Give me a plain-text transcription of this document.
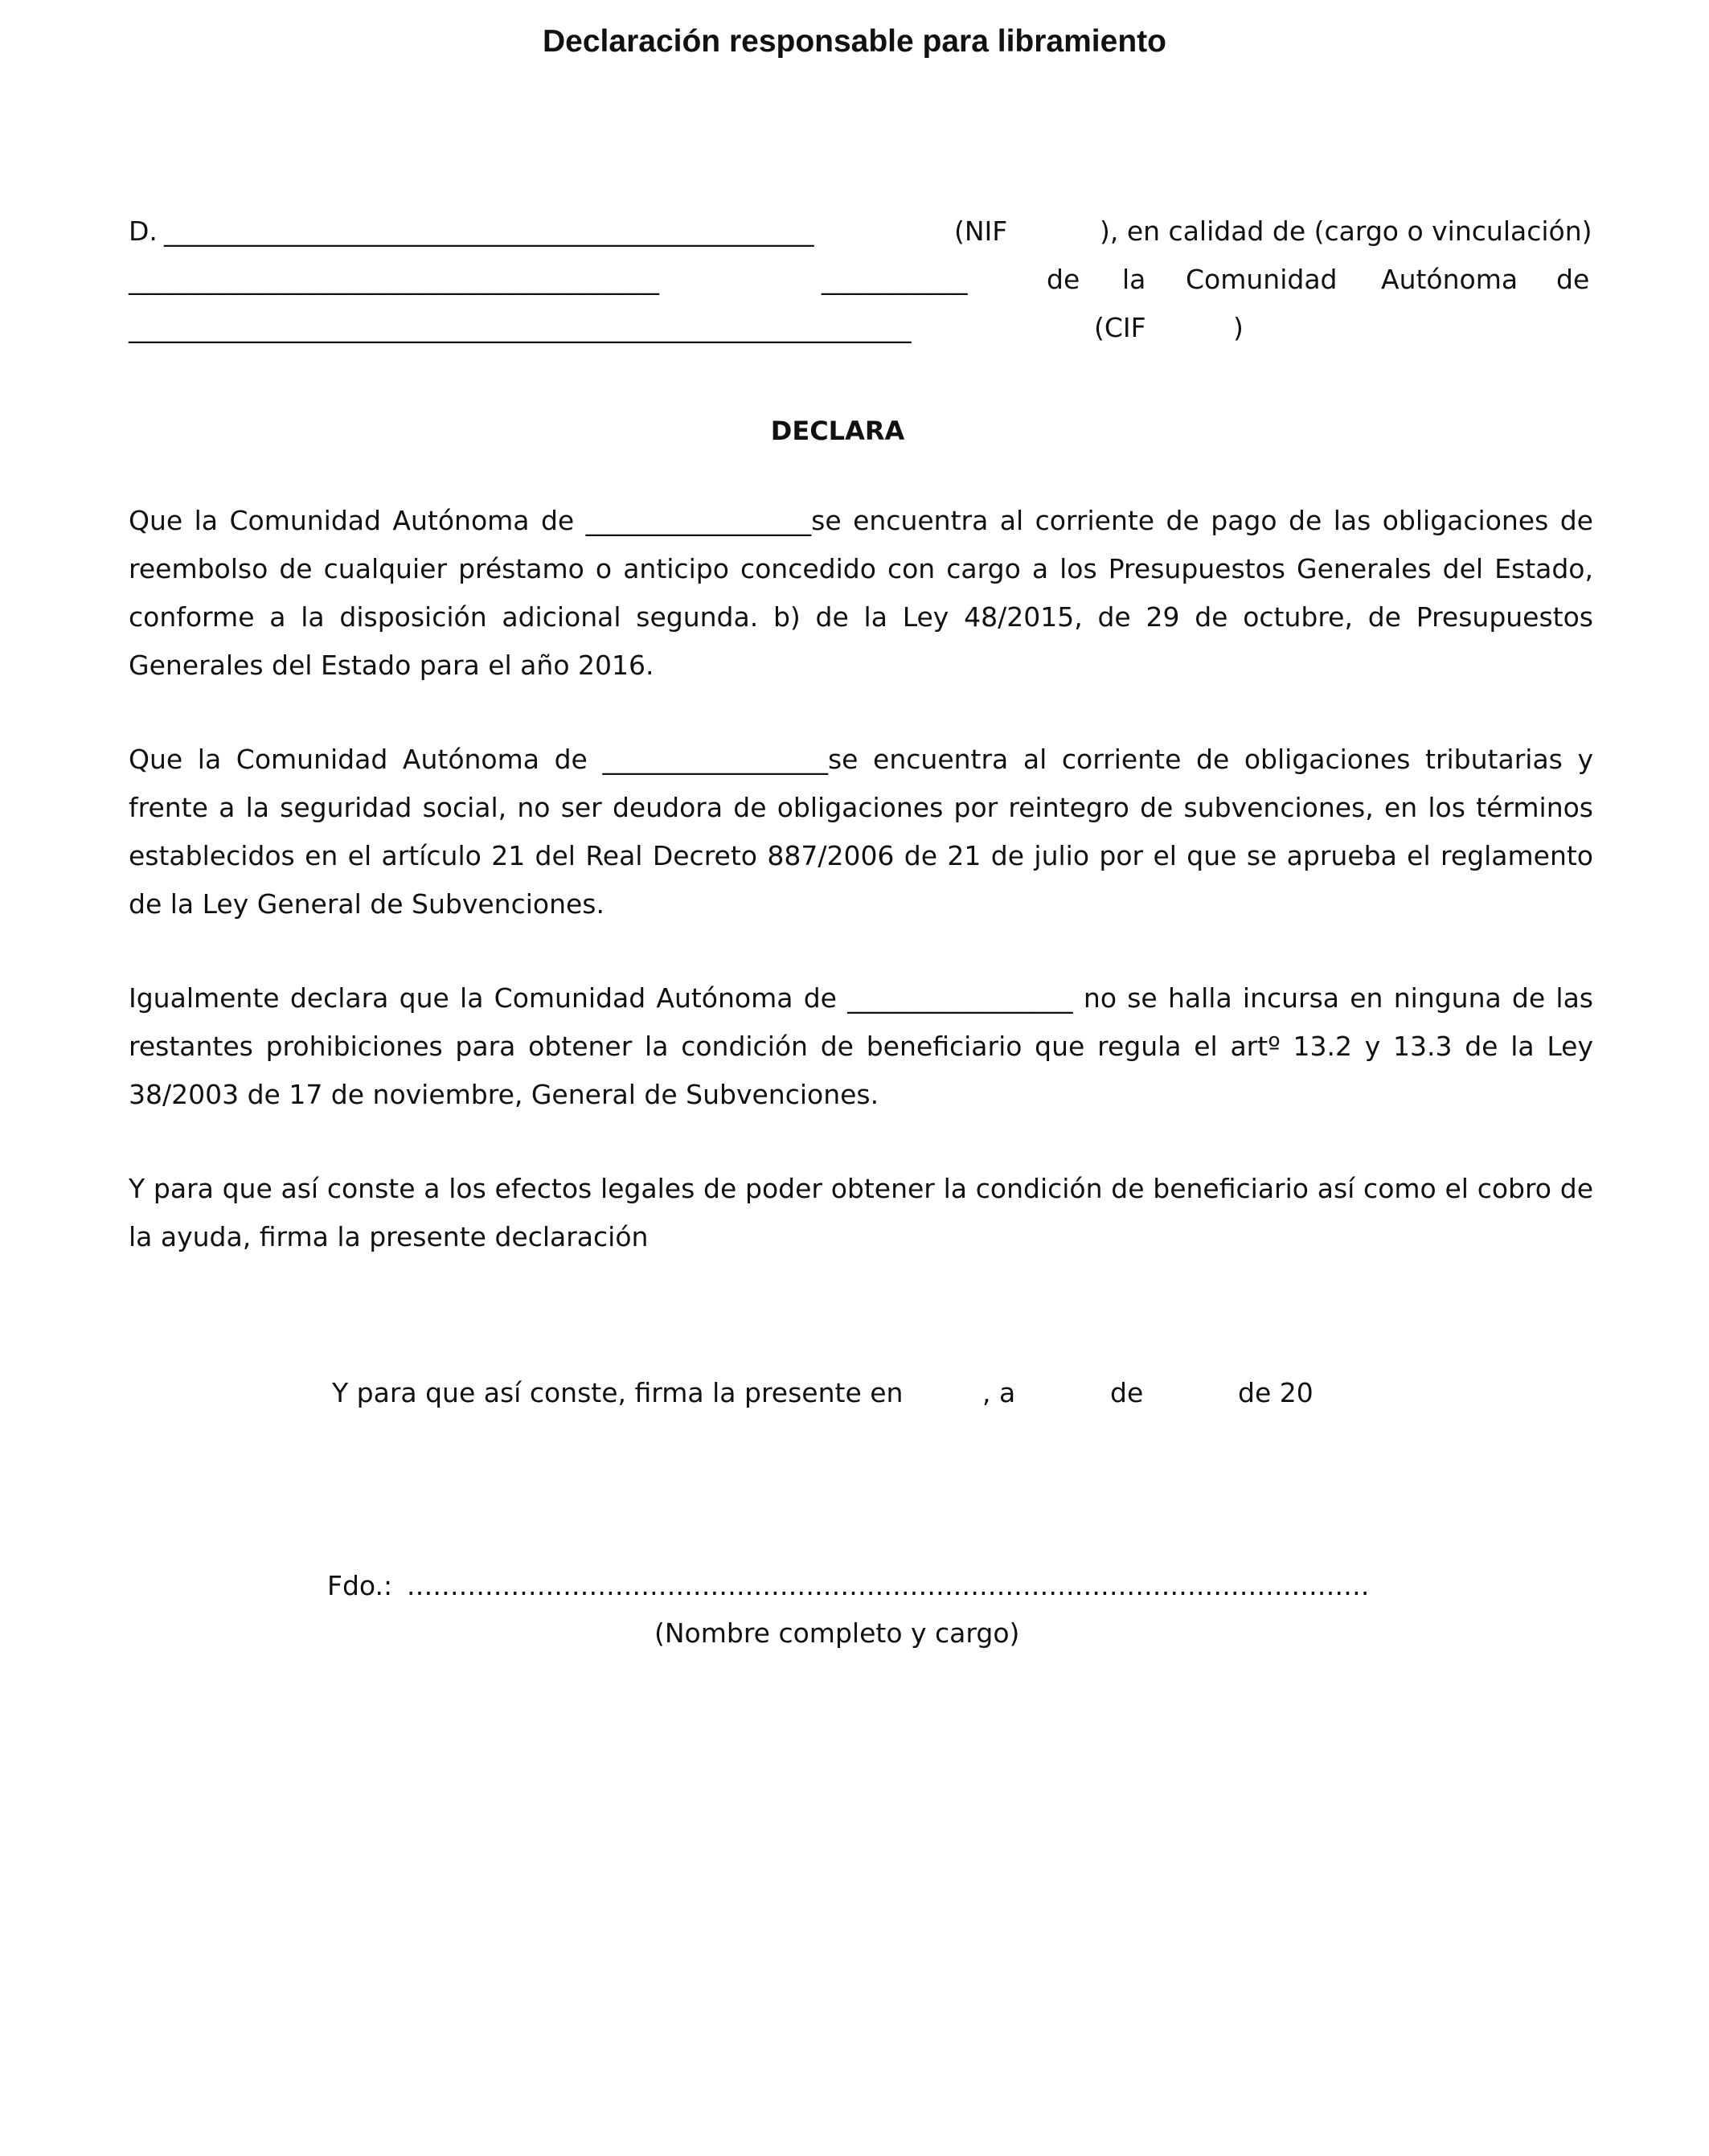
Declaración responsable para libramiento
D. _________________________________________________	(NIF	), en calidad de (cargo o vinculación)
________________________________________	___________	de la Comunidad Autónoma de
___________________________________________________________	(CIF	)
DECLARA

Que la Comunidad Autónoma de _________________se encuentra al corriente de pago de las obligaciones de reembolso de cualquier préstamo o anticipo concedido con cargo a los Presupuestos Generales del Estado, conforme a la disposición adicional segunda. b) de la Ley 48/2015, de 29 de octubre, de Presupuestos Generales del Estado para el año 2016.

Que la Comunidad Autónoma de _________________se encuentra al corriente de obligaciones tributarias y frente a la seguridad social, no ser deudora de obligaciones por reintegro de subvenciones, en los términos establecidos en el artículo 21 del Real Decreto 887/2006 de 21 de julio por el que se aprueba el reglamento de la Ley General de Subvenciones.

Igualmente declara que la Comunidad Autónoma de _________________ no se halla incursa en ninguna de las restantes prohibiciones para obtener la condición de beneficiario que regula el artº 13.2 y 13.3 de la Ley 38/2003 de 17 de noviembre, General de Subvenciones.

Y para que así conste a los efectos legales de poder obtener la condición de beneficiario así como el cobro de la ayuda, firma la presente declaración

Y para que así conste, firma la presente en	, a	de	de 20
Fdo.: ...............................................................................................................
(Nombre completo y cargo)
